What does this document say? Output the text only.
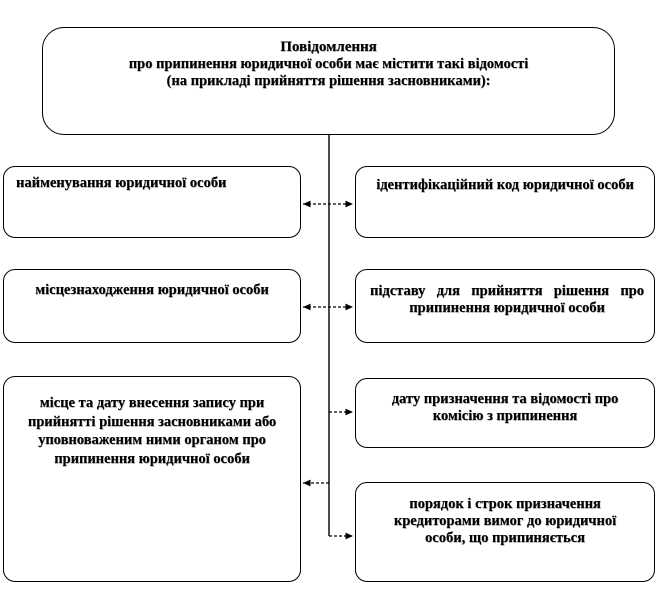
Повідомлення
про припинення юридичної особи має містити такі відомості
(на прикладі прийняття рішення засновниками):
найменування юридичної особи
місцезнаходження юридичної особи
місце та дату внесення запису при прийнятті рішення засновниками або уповноваженим ними органом про припинення юридичної особи
ідентифікаційний код юридичної особи
підставу для прийняття рішення про припинення юридичної особи
дату призначення та відомості про комісію з припинення
порядок і строк призначення кредиторами вимог до юридичної особи, що припиняється
